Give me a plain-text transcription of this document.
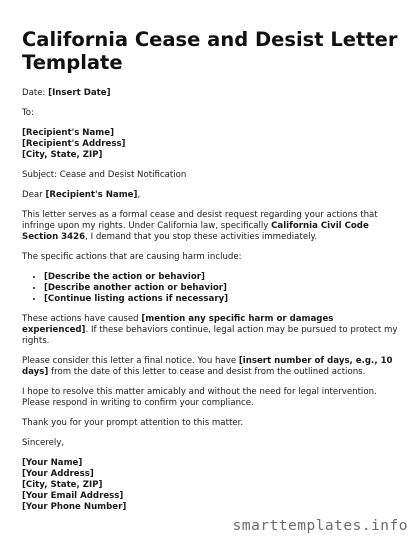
California Cease and Desist Letter Template

Date: [Insert Date]

To:

[Recipient's Name]
[Recipient's Address]
[City, State, ZIP]

Subject: Cease and Desist Notification

Dear [Recipient's Name],

This letter serves as a formal cease and desist request regarding your actions that infringe upon my rights. Under California law, specifically California Civil Code Section 3426, I demand that you stop these activities immediately.

The specific actions that are causing harm include:

• [Describe the action or behavior]
• [Describe another action or behavior]
• [Continue listing actions if necessary]

These actions have caused [mention any specific harm or damages experienced]. If these behaviors continue, legal action may be pursued to protect my rights.

Please consider this letter a final notice. You have [insert number of days, e.g., 10 days] from the date of this letter to cease and desist from the outlined actions.

I hope to resolve this matter amicably and without the need for legal intervention. Please respond in writing to confirm your compliance.

Thank you for your prompt attention to this matter.

Sincerely,

[Your Name]
[Your Address]
[City, State, ZIP]
[Your Email Address]
[Your Phone Number]

smarttemplates.info
